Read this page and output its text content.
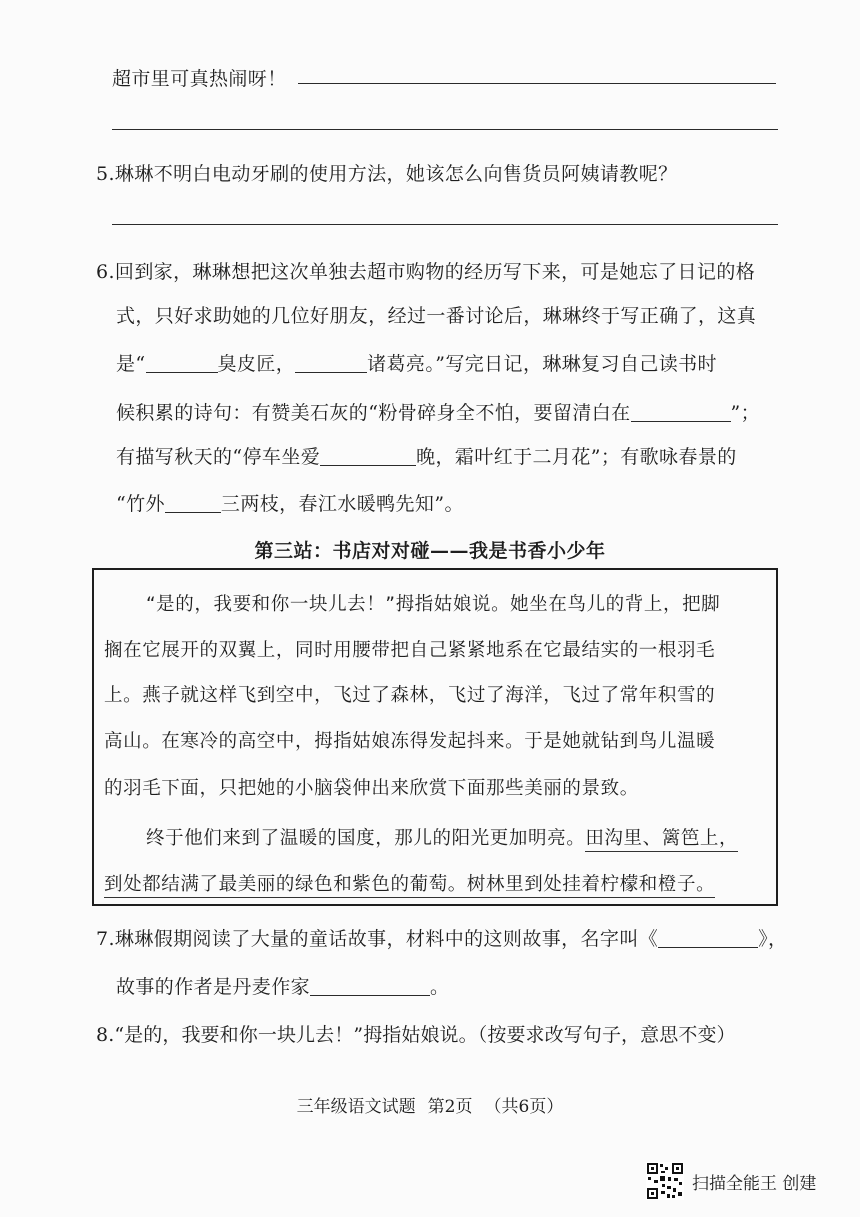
超市里可真热闹呀！
5.琳琳不明白电动牙刷的使用方法，她该怎么向售货员阿姨请教呢？
6.回到家，琳琳想把这次单独去超市购物的经历写下来，可是她忘了日记的格
式，只好求助她的几位好朋友，经过一番讨论后，琳琳终于写正确了，这真
是“	臭皮匠，	诸葛亮。”写完日记，琳琳复习自己读书时
候积累的诗句：有赞美石灰的“粉骨碎身全不怕，要留清白在	”；
有描写秋天的“停车坐爱	晚，霜叶红于二月花”；有歌咏春景的
“竹外	三两枝，春江水暖鸭先知”。
第三站：书店对对碰——我是书香小少年
“是的，我要和你一块儿去！”拇指姑娘说。她坐在鸟儿的背上，把脚
搁在它展开的双翼上，同时用腰带把自己紧紧地系在它最结实的一根羽毛
上。燕子就这样飞到空中，飞过了森林，飞过了海洋，飞过了常年积雪的
高山。在寒冷的高空中，拇指姑娘冻得发起抖来。于是她就钻到鸟儿温暖
的羽毛下面，只把她的小脑袋伸出来欣赏下面那些美丽的景致。
终于他们来到了温暖的国度，那儿的阳光更加明亮。田沟里、篱笆上，
到处都结满了最美丽的绿色和紫色的葡萄。树林里到处挂着柠檬和橙子。
7.琳琳假期阅读了大量的童话故事，材料中的这则故事，名字叫《	》，
故事的作者是丹麦作家	。
8.“是的，我要和你一块儿去！”拇指姑娘说。（按要求改写句子，意思不变）
三年级语文试题 第2页 （共6页）
扫描全能王 创建
